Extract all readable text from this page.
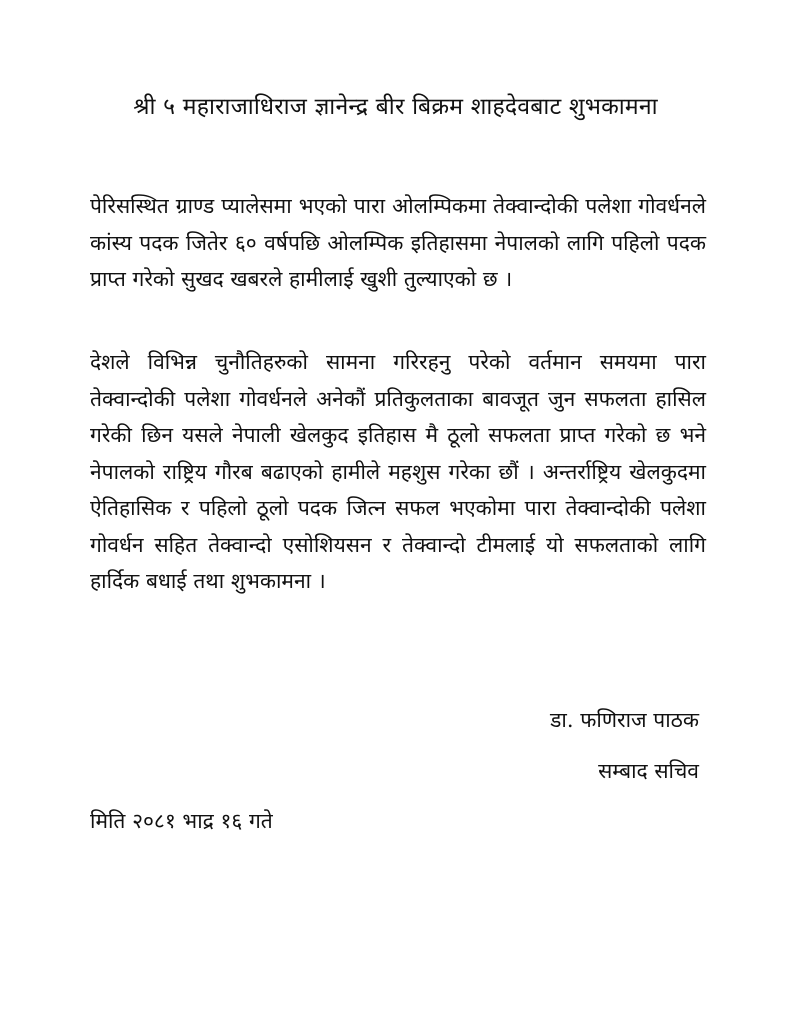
श्री ५ महाराजाधिराज ज्ञानेन्द्र बीर बिक्रम शाहदेवबाट शुभकामना

पेरिसस्थित ग्राण्ड प्यालेसमा भएको पारा ओलम्पिकमा तेक्वान्दोकी पलेशा गोवर्धनले कांस्य पदक जितेर ६० वर्षपछि ओलम्पिक इतिहासमा नेपालको लागि पहिलो पदक प्राप्त गरेको सुखद खबरले हामीलाई खुशी तुल्याएको छ ।

देशले विभिन्न चुनौतिहरुको सामना गरिरहनु परेको वर्तमान समयमा पारा तेक्वान्दोकी पलेशा गोवर्धनले अनेकौं प्रतिकुलताका बावजूत जुन सफलता हासिल गरेकी छिन यसले नेपाली खेलकुद इतिहास मै ठूलो सफलता प्राप्त गरेको छ भने नेपालको राष्ट्रिय गौरब बढाएको हामीले महशुस गरेका छौं । अन्तर्राष्ट्रिय खेलकुदमा ऐतिहासिक र पहिलो ठूलो पदक जित्न सफल भएकोमा पारा तेक्वान्दोकी पलेशा गोवर्धन सहित तेक्वान्दो एसोशियसन र तेक्वान्दो टीमलाई यो सफलताको लागि हार्दिक बधाई तथा शुभकामना ।

डा. फणिराज पाठक
सम्बाद सचिव
मिति २०८१ भाद्र १६ गते
